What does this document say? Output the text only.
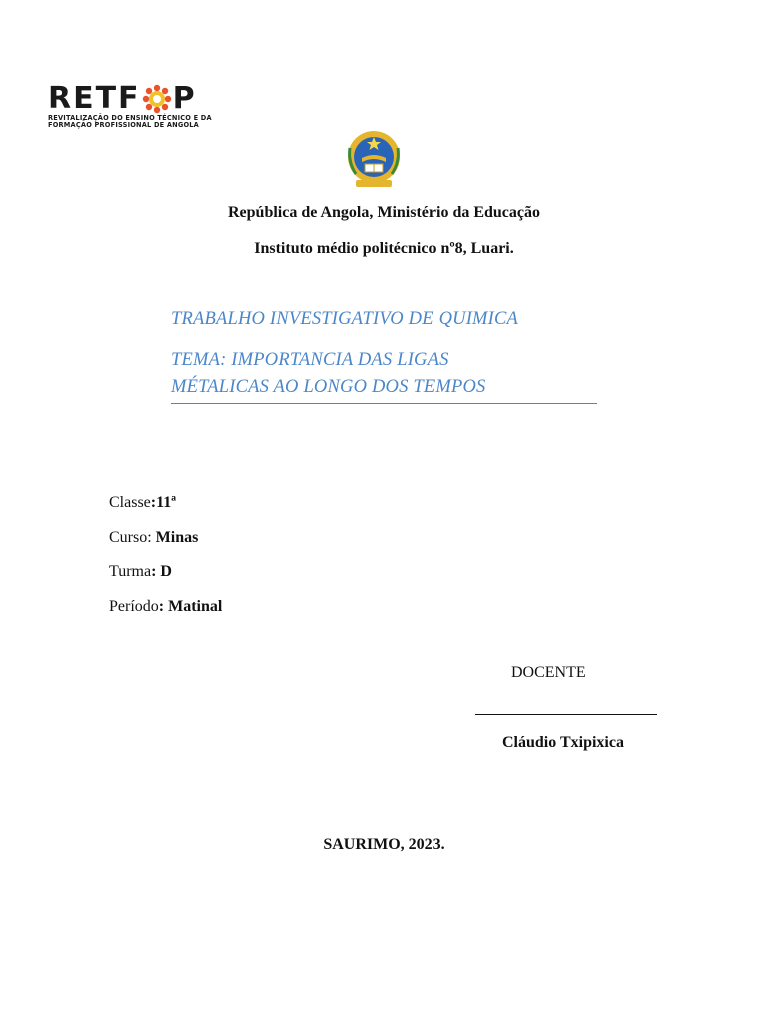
RETF P
REVITALIZAÇÃO DO ENSINO TÉCNICO E DA
FORMAÇÃO PROFISSIONAL DE ANGOLA
República de Angola, Ministério da Educação
Instituto médio politécnico nº8, Luari.
TRABALHO INVESTIGATIVO DE QUIMICA
TEMA: IMPORTANCIA DAS LIGAS
MÉTALICAS AO LONGO DOS TEMPOS
Classe:11ª
Curso: Minas
Turma: D
Período: Matinal
DOCENTE
Cláudio Txipixica
SAURIMO, 2023.
